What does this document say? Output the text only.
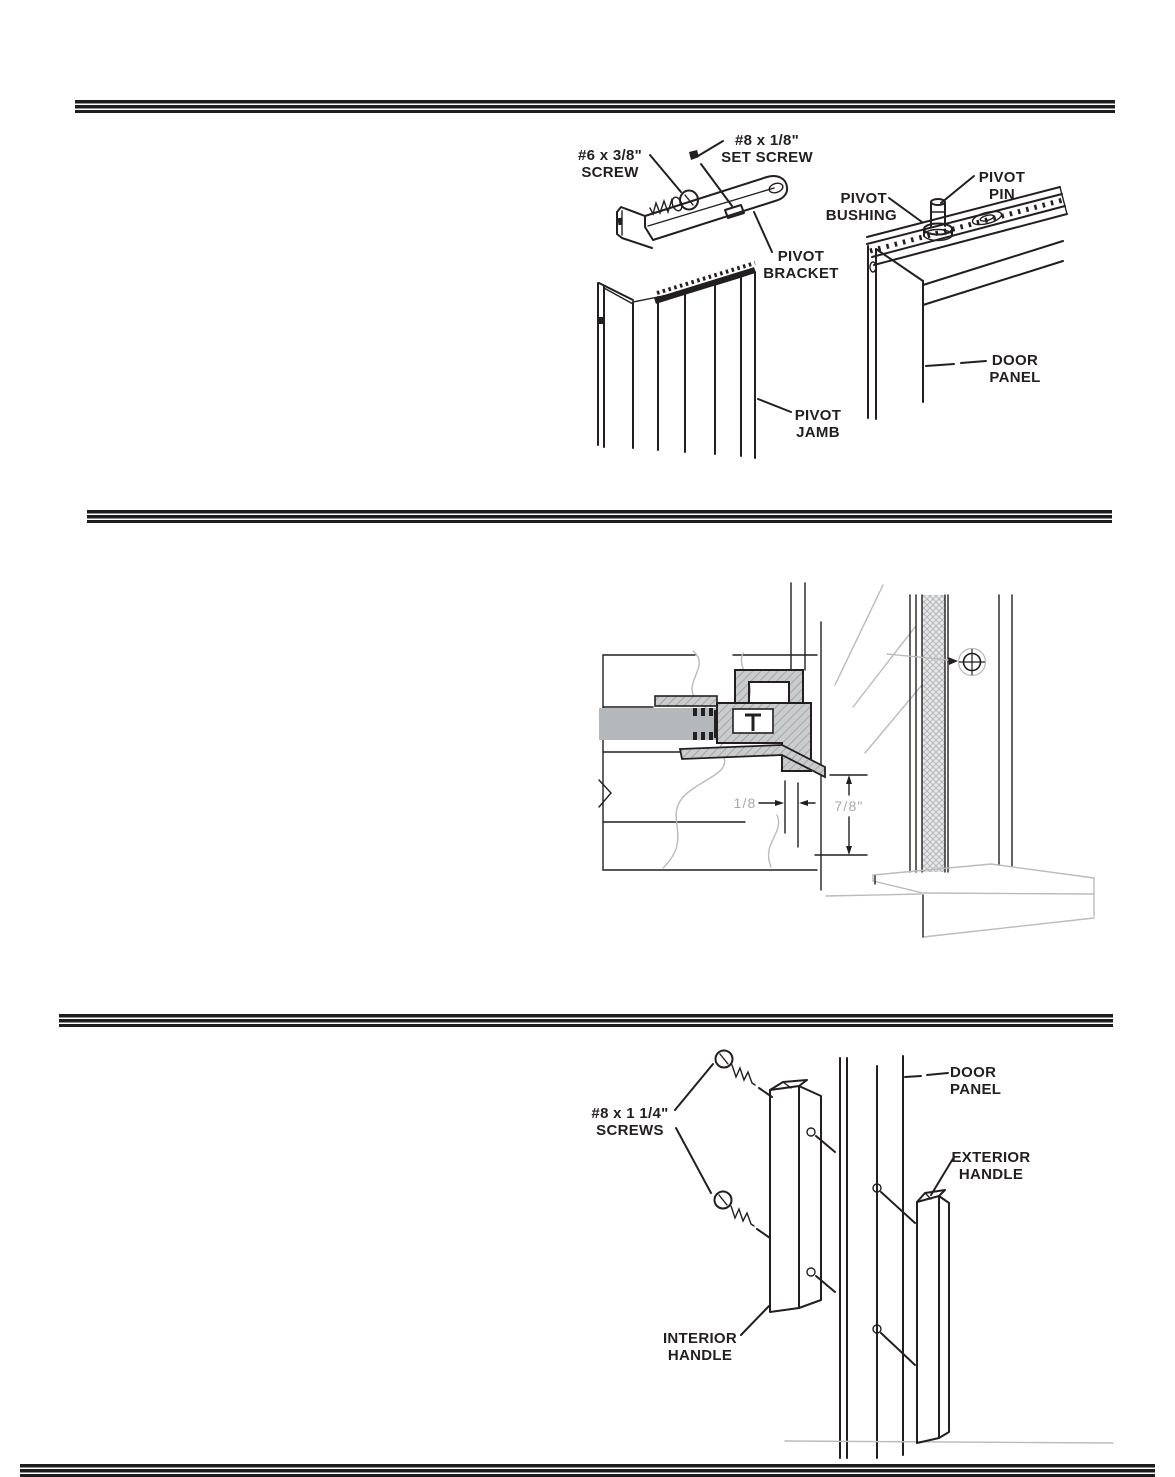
#6 x 3/8"
SCREW
#8 x 1/8"
SET SCREW
PIVOT
BRACKET
PIVOT
BUSHING
PIVOT
PIN
DOOR
PANEL
PIVOT
JAMB
1/8	7/8"
#8 x 1 1/4"
SCREWS
DOOR
PANEL
EXTERIOR
HANDLE
INTERIOR
HANDLE
